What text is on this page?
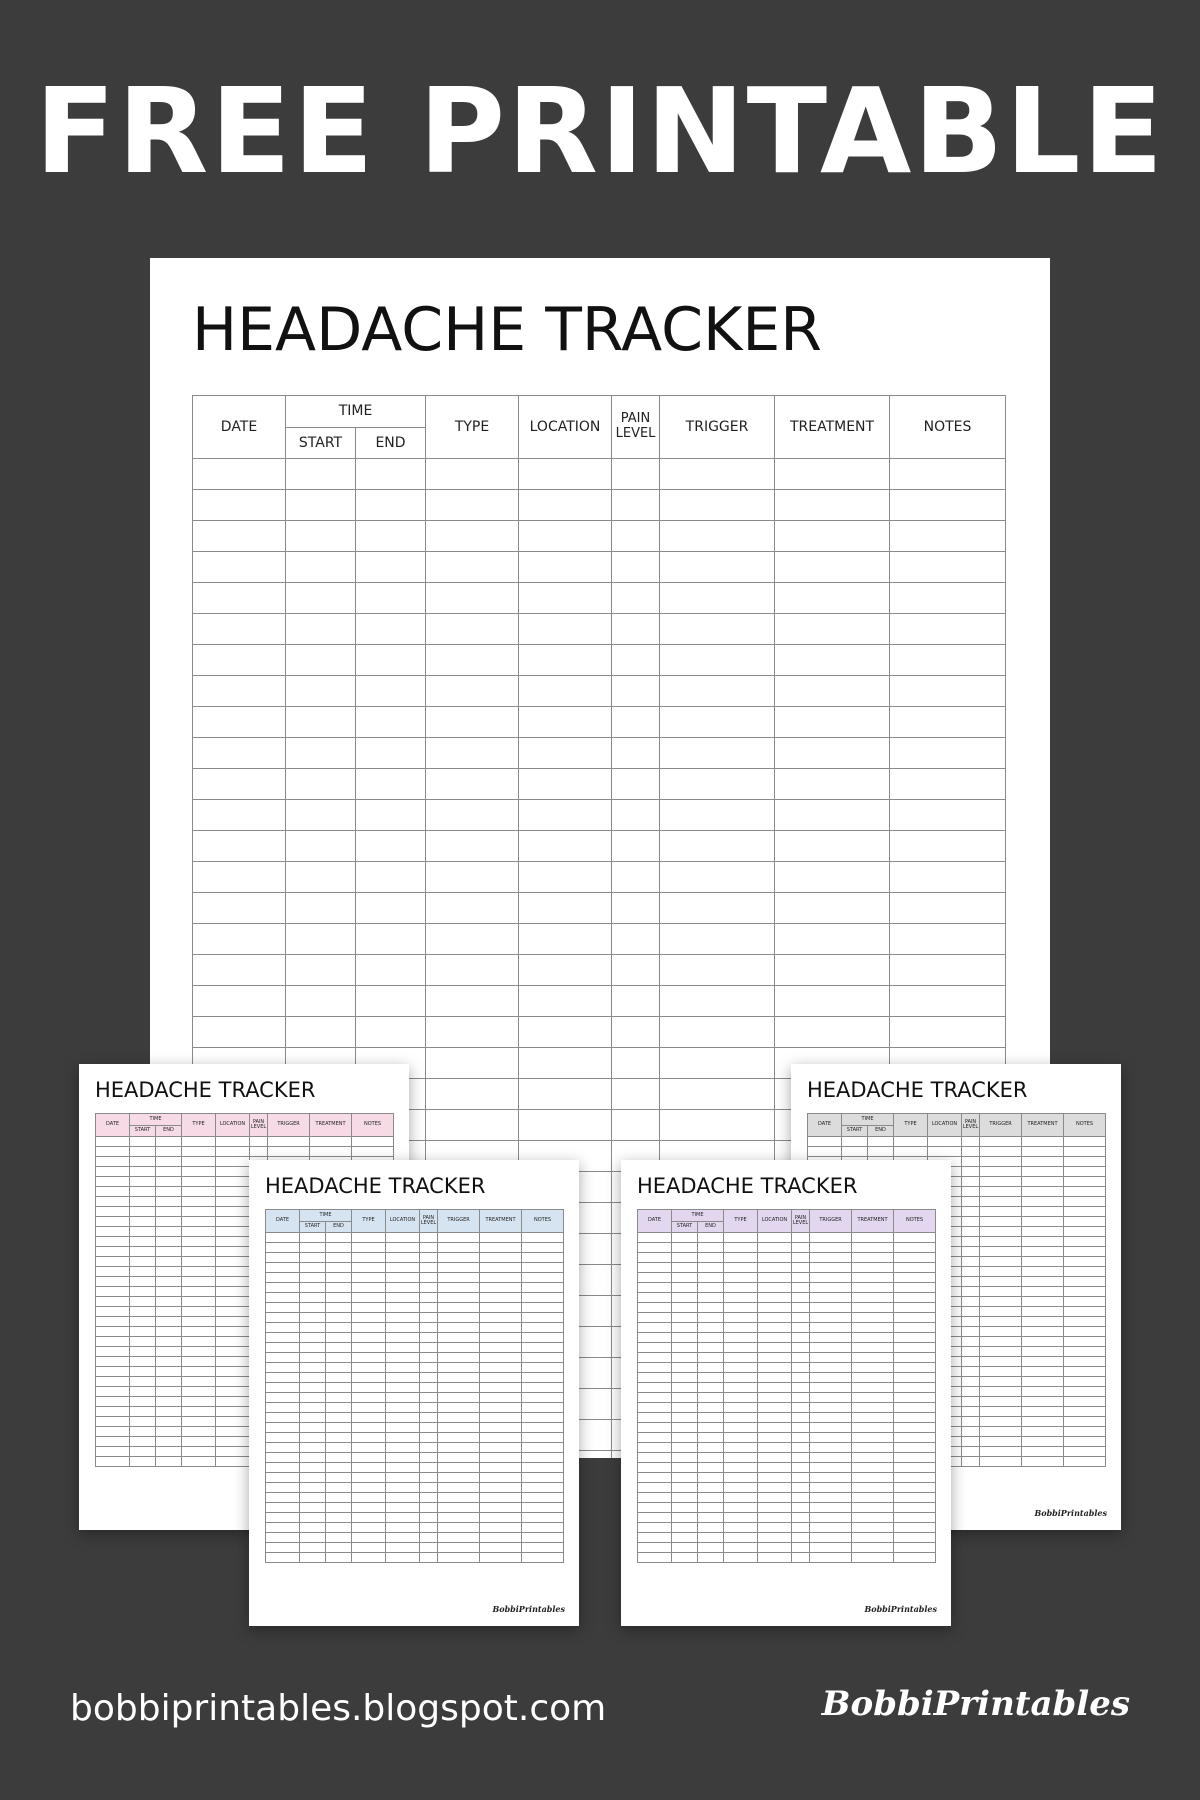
FREE PRINTABLE
HEADACHE TRACKER
DATE	TIME		TYPE	LOCATION	PAIN LEVEL	TRIGGER	TREATMENT	NOTES
	START	END						

HEADACHE TRACKER
DATE	TIME		TYPE	LOCATION	PAIN LEVEL	TRIGGER	TREATMENT	NOTES
	START	END						

HEADACHE TRACKER
DATE	TIME		TYPE	LOCATION	PAIN LEVEL	TRIGGER	TREATMENT	NOTES
	START	END						

BobbiPrintables
HEADACHE TRACKER
DATE	TIME		TYPE	LOCATION	PAIN LEVEL	TRIGGER	TREATMENT	NOTES
	START	END						

BobbiPrintables
HEADACHE TRACKER
DATE	TIME		TYPE	LOCATION	PAIN LEVEL	TRIGGER	TREATMENT	NOTES
	START	END						

BobbiPrintables

bobbiprintables.blogspot.com	BobbiPrintables
